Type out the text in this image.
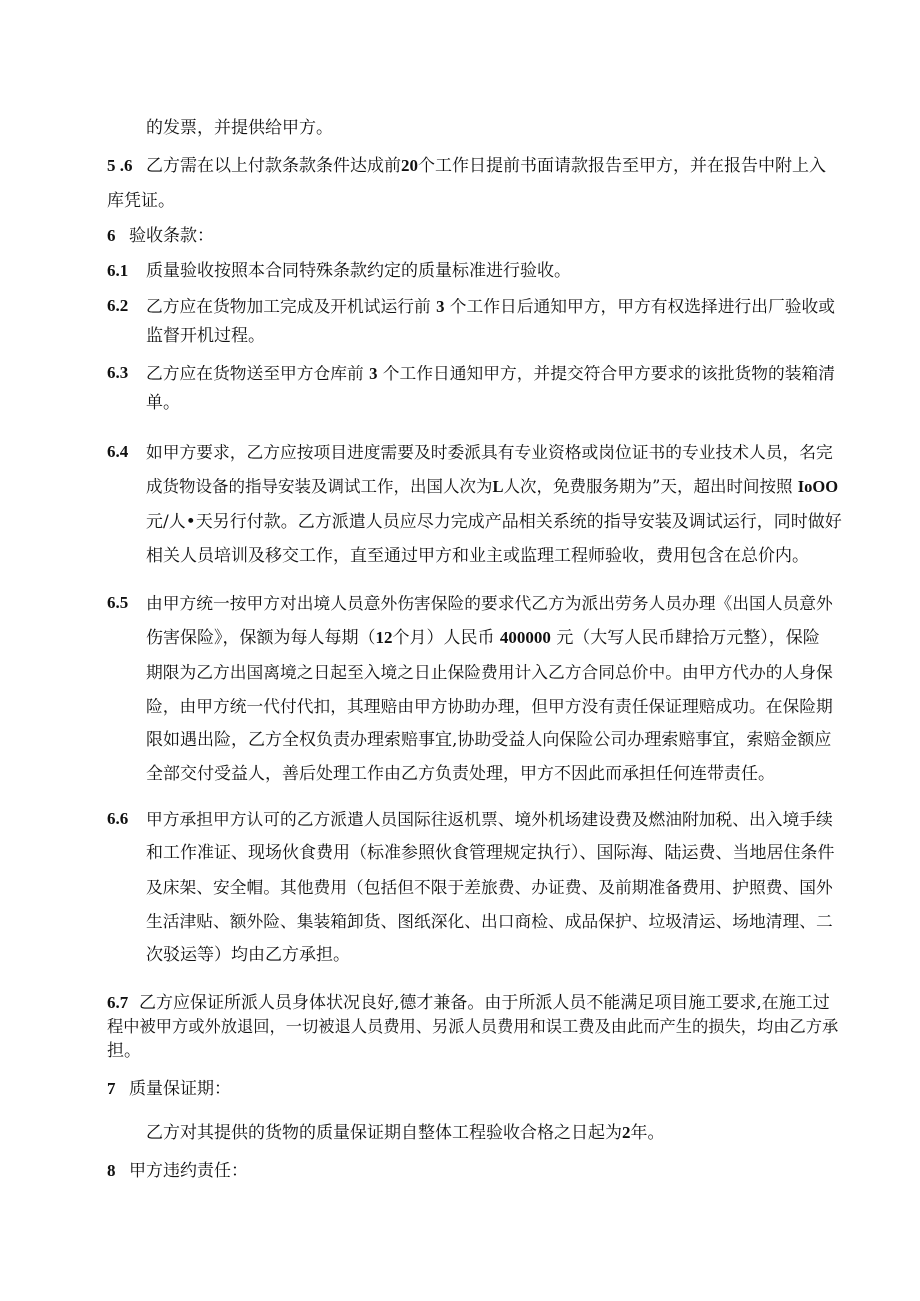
的发票，并提供给甲方。
5 .6 乙方需在以上付款条款条件达成前20个工作日提前书面请款报告至甲方，并在报告中附上入
库凭证。
6 验收条款：
6.1 质量验收按照本合同特殊条款约定的质量标准进行验收。
6.2 乙方应在货物加工完成及开机试运行前 3 个工作日后通知甲方，甲方有权选择进行出厂验收或
监督开机过程。
6.3 乙方应在货物送至甲方仓库前 3 个工作日通知甲方，并提交符合甲方要求的该批货物的装箱清
单。
6.4 如甲方要求，乙方应按项目进度需要及时委派具有专业资格或岗位证书的专业技术人员，名完
成货物设备的指导安装及调试工作，出国人次为L人次，免费服务期为”天，超出时间按照 IoOO
元/人•天另行付款。乙方派遣人员应尽力完成产品相关系统的指导安装及调试运行，同时做好
相关人员培训及移交工作，直至通过甲方和业主或监理工程师验收，费用包含在总价内。
6.5 由甲方统一按甲方对出境人员意外伤害保险的要求代乙方为派出劳务人员办理《出国人员意外
伤害保险》，保额为每人每期（12个月）人民币 400000 元（大写人民币肆拾万元整），保险
期限为乙方出国离境之日起至入境之日止保险费用计入乙方合同总价中。由甲方代办的人身保
险，由甲方统一代付代扣，其理赔由甲方协助办理，但甲方没有责任保证理赔成功。在保险期
限如遇出险，乙方全权负责办理索赔事宜,协助受益人向保险公司办理索赔事宜，索赔金额应
全部交付受益人，善后处理工作由乙方负责处理，甲方不因此而承担任何连带责任。
6.6 甲方承担甲方认可的乙方派遣人员国际往返机票、境外机场建设费及燃油附加税、出入境手续
和工作准证、现场伙食费用（标准参照伙食管理规定执行）、国际海、陆运费、当地居住条件
及床架、安全帽。其他费用（包括但不限于差旅费、办证费、及前期准备费用、护照费、国外
生活津贴、额外险、集装箱卸货、图纸深化、出口商检、成品保护、垃圾清运、场地清理、二
次驳运等）均由乙方承担。
6.7 乙方应保证所派人员身体状况良好,德才兼备。由于所派人员不能满足项目施工要求,在施工过
程中被甲方或外放退回，一切被退人员费用、另派人员费用和误工费及由此而产生的损失，均由乙方承
担。
7 质量保证期：
乙方对其提供的货物的质量保证期自整体工程验收合格之日起为2年。
8 甲方违约责任：
